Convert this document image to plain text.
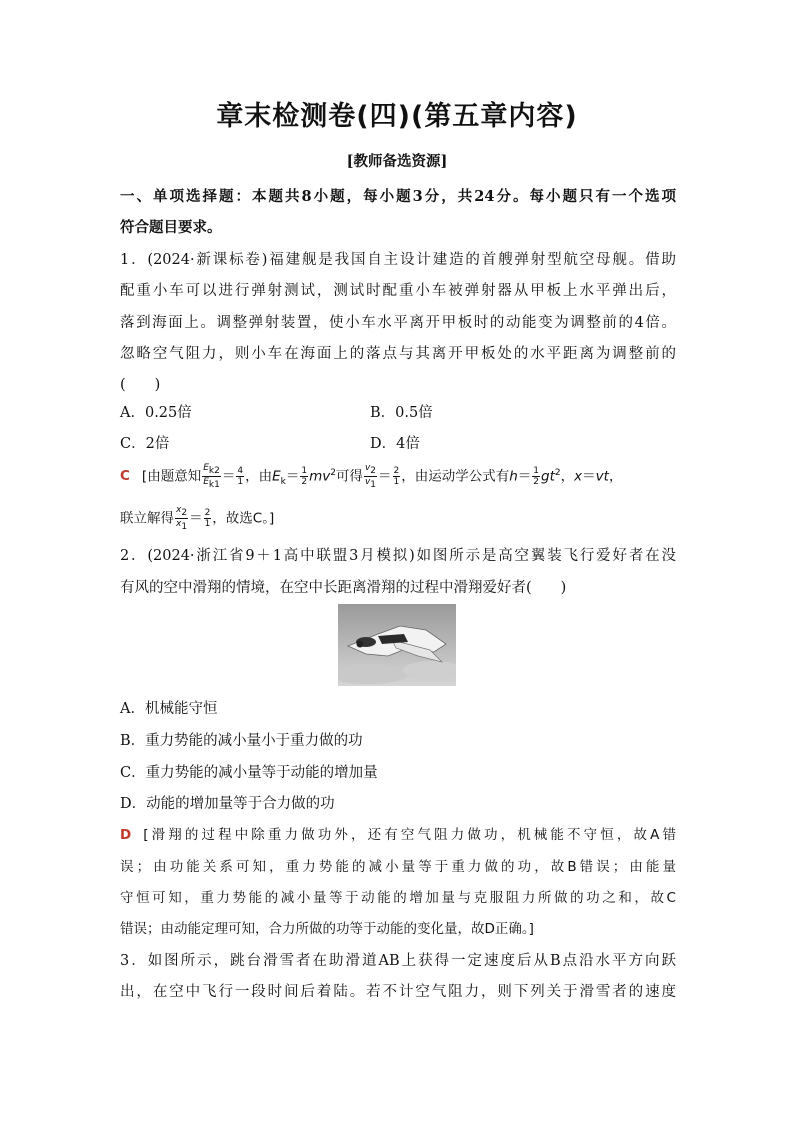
章末检测卷(四)(第五章内容)
[教师备选资源]
一、单项选择题：本题共8小题，每小题3分，共24分。每小题只有一个选项
符合题目要求。
1．(2024·新课标卷)福建舰是我国自主设计建造的首艘弹射型航空母舰。借助
配重小车可以进行弹射测试，测试时配重小车被弹射器从甲板上水平弹出后，
落到海面上。调整弹射装置，使小车水平离开甲板时的动能变为调整前的4倍。
忽略空气阻力，则小车在海面上的落点与其离开甲板处的水平距离为调整前的
(　　)
A．0.25倍	B．0.5倍
C．2倍	D．4倍
C [由题意知 $\frac{E_{k2}}{E_{k1}} = \frac{4}{1}$ ，由$E_k= \frac{1}{2} mv^2$可得 $\frac{v_2}{v_1} = \frac{2}{1}$ ，由运动学公式有$h= \frac{1}{2} gt^2$，x＝vt，
联立解得 $\frac{x_2}{x_1} = \frac{2}{1}$ ，故选C。]
2．(2024·浙江省9＋1高中联盟3月模拟)如图所示是高空翼装飞行爱好者在没
有风的空中滑翔的情境，在空中长距离滑翔的过程中滑翔爱好者(　　)
A．机械能守恒
B．重力势能的减小量小于重力做的功
C．重力势能的减小量等于动能的增加量
D．动能的增加量等于合力做的功
D [滑翔的过程中除重力做功外，还有空气阻力做功，机械能不守恒，故A错
误；由功能关系可知，重力势能的减小量等于重力做的功，故B错误；由能量
守恒可知，重力势能的减小量等于动能的增加量与克服阻力所做的功之和，故C
错误；由动能定理可知，合力所做的功等于动能的变化量，故D正确。]
3．如图所示，跳台滑雪者在助滑道AB上获得一定速度后从B点沿水平方向跃
出，在空中飞行一段时间后着陆。若不计空气阻力，则下列关于滑雪者的速度
